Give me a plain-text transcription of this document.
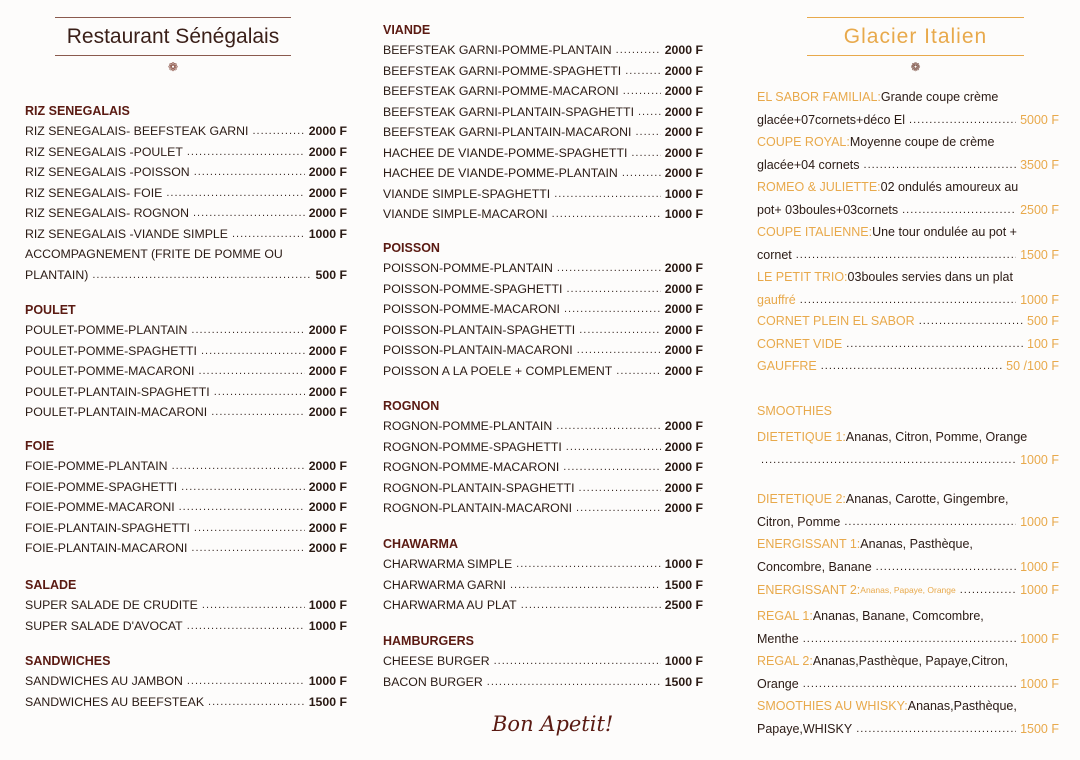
Restaurant Sénégalais
❁
Glacier Italien
❁
RIZ SENEGALAIS
RIZ SENEGALAIS- BEEFSTEAK GARNI .....	2000 F
RIZ SENEGALAIS -POULET .....	2000 F
RIZ SENEGALAIS -POISSON .....	2000 F
RIZ SENEGALAIS- FOIE .....	2000 F
RIZ SENEGALAIS- ROGNON .....	2000 F
RIZ SENEGALAIS -VIANDE SIMPLE .....	1000 F
ACCOMPAGNEMENT (FRITE DE POMME OU
PLANTAIN) .....	500 F
POULET
POULET-POMME-PLANTAIN .....	2000 F
POULET-POMME-SPAGHETTI .....	2000 F
POULET-POMME-MACARONI .....	2000 F
POULET-PLANTAIN-SPAGHETTI .....	2000 F
POULET-PLANTAIN-MACARONI .....	2000 F
FOIE
FOIE-POMME-PLANTAIN .....	2000 F
FOIE-POMME-SPAGHETTI .....	2000 F
FOIE-POMME-MACARONI .....	2000 F
FOIE-PLANTAIN-SPAGHETTI .....	2000 F
FOIE-PLANTAIN-MACARONI .....	2000 F
SALADE
SUPER SALADE DE CRUDITE .....	1000 F
SUPER SALADE D'AVOCAT .....	1000 F
SANDWICHES
SANDWICHES AU JAMBON .....	1000 F
SANDWICHES AU BEEFSTEAK .....	1500 F
VIANDE
BEEFSTEAK GARNI-POMME-PLANTAIN .....	2000 F
BEEFSTEAK GARNI-POMME-SPAGHETTI .....	2000 F
BEEFSTEAK GARNI-POMME-MACARONI .....	2000 F
BEEFSTEAK GARNI-PLANTAIN-SPAGHETTI ..... 2000 F
BEEFSTEAK GARNI-PLANTAIN-MACARONI .....	2000 F
HACHEE DE VIANDE-POMME-SPAGHETTI .....	2000 F
HACHEE DE VIANDE-POMME-PLANTAIN .....	2000 F
VIANDE SIMPLE-SPAGHETTI .....	1000 F
VIANDE SIMPLE-MACARONI .....	1000 F
POISSON
POISSON-POMME-PLANTAIN .....	2000 F
POISSON-POMME-SPAGHETTI .....	2000 F
POISSON-POMME-MACARONI .....	2000 F
POISSON-PLANTAIN-SPAGHETTI .....	2000 F
POISSON-PLANTAIN-MACARONI .....	2000 F
POISSON A LA POELE + COMPLEMENT .....	2000 F
ROGNON
ROGNON-POMME-PLANTAIN .....	2000 F
ROGNON-POMME-SPAGHETTI .....	2000 F
ROGNON-POMME-MACARONI .....	2000 F
ROGNON-PLANTAIN-SPAGHETTI .....	2000 F
ROGNON-PLANTAIN-MACARONI .....	2000 F
CHAWARMA
CHARWARMA SIMPLE .....	1000 F
CHARWARMA GARNI .....	1500 F
CHARWARMA AU PLAT .....	2500 F
HAMBURGERS
CHEESE BURGER .....	1000 F
BACON BURGER .....	1500 F
EL SABOR FAMILIAL: Grande coupe crème
glacée+07cornets+déco El .....	5000 F
COUPE ROYAL: Moyenne coupe de crème
glacée+04 cornets .....	3500 F
ROMEO & JULIETTE: 02 ondulés amoureux au
pot+ 03boules+03cornets .....	2500 F
COUPE ITALIENNE: Une tour ondulée au pot +
cornet .....	1500 F
LE PETIT TRIO: 03boules servies dans un plat
gauffré .....	1000 F
CORNET PLEIN EL SABOR .....	500 F
CORNET VIDE .....	100 F
GAUFFRE .....	50 /100 F
SMOOTHIES
DIETETIQUE 1: Ananas, Citron, Pomme, Orange
.....
1000 F
DIETETIQUE 2: Ananas, Carotte, Gingembre,
Citron, Pomme .....	1000 F
ENERGISSANT 1: Ananas, Pasthèque,
Concombre, Banane .....	1000 F
ENERGISSANT 2: Ananas, Papaye, Orange .....	1000 F
REGAL 1: Ananas, Banane, Comcombre,
Menthe .....	1000 F
REGAL 2: Ananas,Pasthèque, Papaye,Citron,
Orange .....	1000 F
SMOOTHIES AU WHISKY: Ananas,Pasthèque,
Papaye,WHISKY .....	1500 F
Bon Apetit!
